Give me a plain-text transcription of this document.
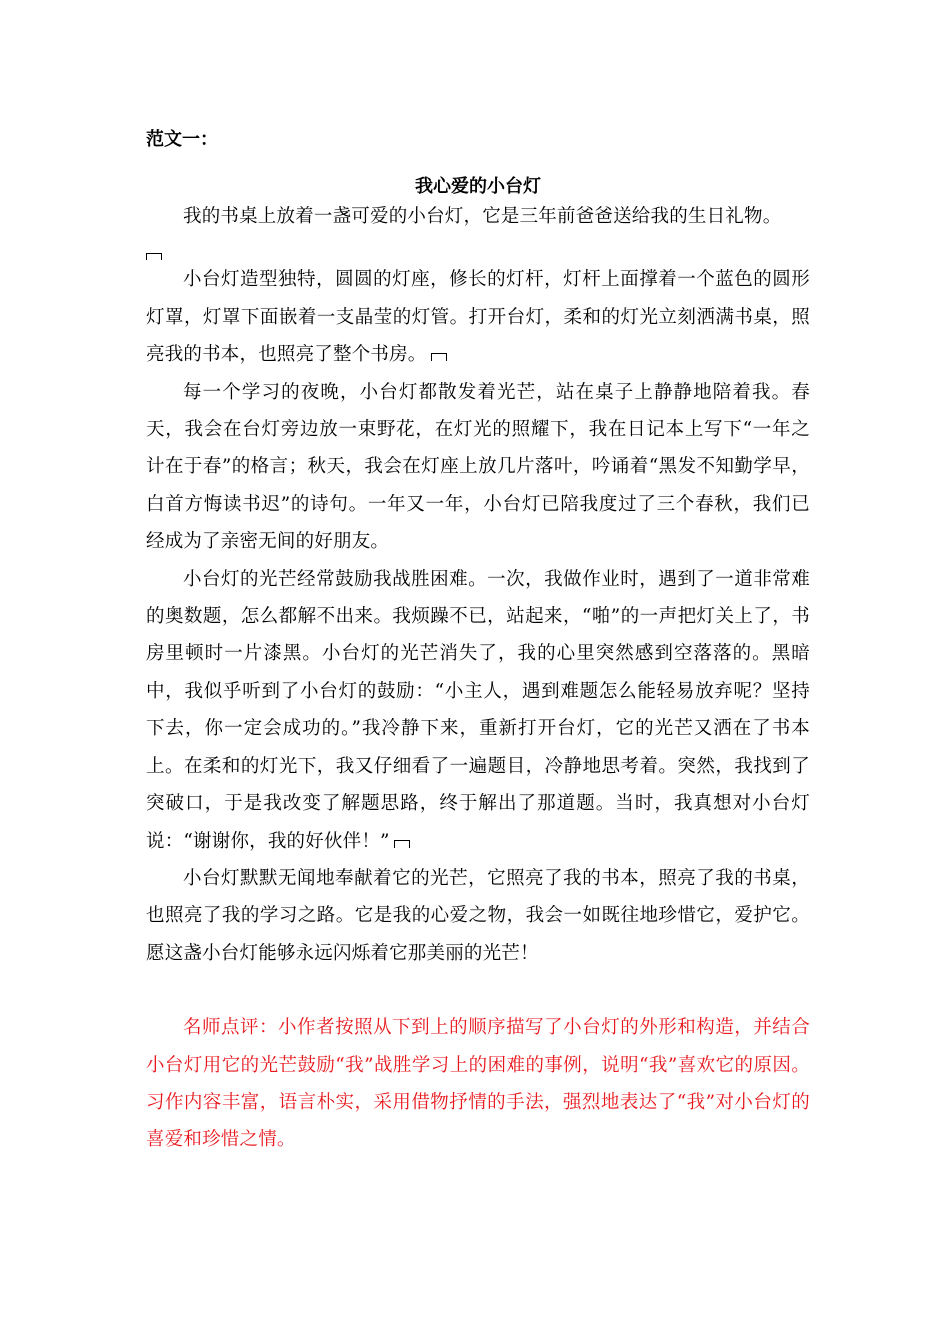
范文一：

我心爱的小台灯

我的书桌上放着一盏可爱的小台灯，它是三年前爸爸送给我的生日礼物。

小台灯造型独特，圆圆的灯座，修长的灯杆，灯杆上面撑着一个蓝色的圆形灯罩，灯罩下面嵌着一支晶莹的灯管。打开台灯，柔和的灯光立刻洒满书桌，照亮我的书本，也照亮了整个书房。

每一个学习的夜晚，小台灯都散发着光芒，站在桌子上静静地陪着我。春天，我会在台灯旁边放一束野花，在灯光的照耀下，我在日记本上写下“一年之计在于春”的格言；秋天，我会在灯座上放几片落叶，吟诵着“黑发不知勤学早，白首方悔读书迟”的诗句。一年又一年，小台灯已陪我度过了三个春秋，我们已经成为了亲密无间的好朋友。

小台灯的光芒经常鼓励我战胜困难。一次，我做作业时，遇到了一道非常难的奥数题，怎么都解不出来。我烦躁不已，站起来，“啪”的一声把灯关上了，书房里顿时一片漆黑。小台灯的光芒消失了，我的心里突然感到空落落的。黑暗中，我似乎听到了小台灯的鼓励：“小主人，遇到难题怎么能轻易放弃呢？坚持下去，你一定会成功的。”我冷静下来，重新打开台灯，它的光芒又洒在了书本上。在柔和的灯光下，我又仔细看了一遍题目，冷静地思考着。突然，我找到了突破口，于是我改变了解题思路，终于解出了那道题。当时，我真想对小台灯说：“谢谢你，我的好伙伴！”

小台灯默默无闻地奉献着它的光芒，它照亮了我的书本，照亮了我的书桌，也照亮了我的学习之路。它是我的心爱之物，我会一如既往地珍惜它，爱护它。愿这盏小台灯能够永远闪烁着它那美丽的光芒！

名师点评：小作者按照从下到上的顺序描写了小台灯的外形和构造，并结合小台灯用它的光芒鼓励“我”战胜学习上的困难的事例，说明“我”喜欢它的原因。习作内容丰富，语言朴实，采用借物抒情的手法，强烈地表达了“我”对小台灯的喜爱和珍惜之情。
